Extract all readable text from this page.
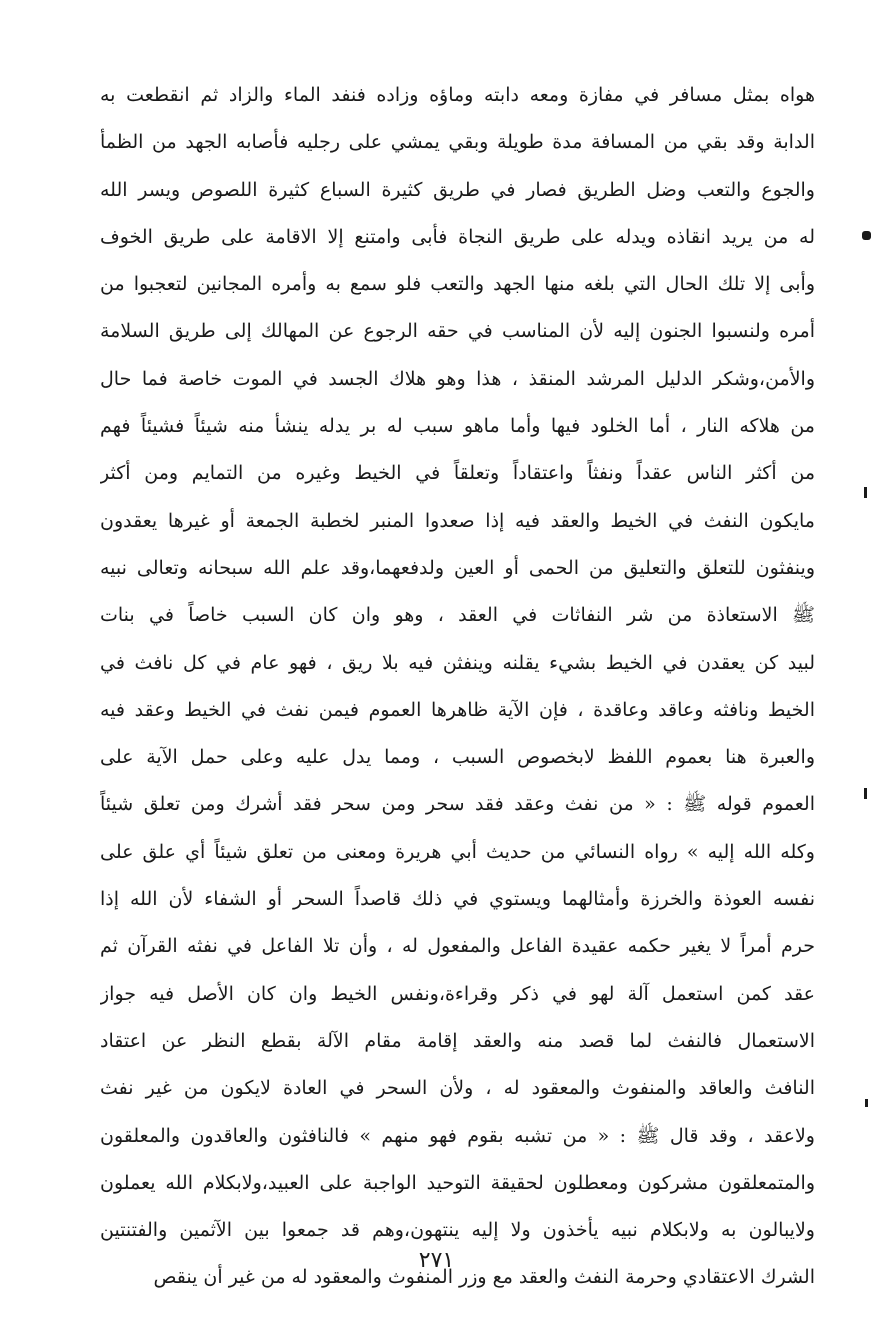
هواه بمثل مسافر في مفازة ومعه دابته وماؤه وزاده فنفد الماء والزاد ثم انقطعت به
الدابة وقد بقي من المسافة مدة طويلة وبقي يمشي على رجليه فأصابه الجهد من الظمأ
والجوع والتعب وضل الطريق فصار في طريق كثيرة السباع كثيرة اللصوص ويسر الله
له من يريد انقاذه ويدله على طريق النجاة فأبى وامتنع إلا الاقامة على طريق الخوف
وأبى إلا تلك الحال التي بلغه منها الجهد والتعب فلو سمع به وأمره المجانين لتعجبوا من
أمره ولنسبوا الجنون إليه لأن المناسب في حقه الرجوع عن المهالك إلى طريق السلامة
والأمن،وشكر الدليل المرشد المنقذ ، هذا وهو هلاك الجسد في الموت خاصة فما حال
من هلاكه النار ، أما الخلود فيها وأما ماهو سبب له بر يدله ينشأ منه شيئاً فشيئاً فهم
من أكثر الناس عقداً ونفثاً واعتقاداً وتعلقاً في الخيط وغيره من التمايم ومن أكثر
مايكون النفث في الخيط والعقد فيه إذا صعدوا المنبر لخطبة الجمعة أو غيرها يعقدون
وينفثون للتعلق والتعليق من الحمى أو العين ولدفعهما،وقد علم الله سبحانه وتعالى نبيه
ﷺ الاستعاذة من شر النفاثات في العقد ، وهو وان كان السبب خاصاً في بنات
لبيد كن يعقدن في الخيط بشيء يقلنه وينفثن فيه بلا ريق ، فهو عام في كل نافث في
الخيط ونافثه وعاقد وعاقدة ، فإن الآية ظاهرها العموم فيمن نفث في الخيط وعقد فيه
والعبرة هنا بعموم اللفظ لابخصوص السبب ، ومما يدل عليه وعلى حمل الآية على
العموم قوله ﷺ : « من نفث وعقد فقد سحر ومن سحر فقد أشرك ومن تعلق شيئاً
وكله الله إليه » رواه النسائي من حديث أبي هريرة ومعنى من تعلق شيئاً أي علق على
نفسه العوذة والخرزة وأمثالهما ويستوي في ذلك قاصداً السحر أو الشفاء لأن الله إذا
حرم أمراً لا يغير حكمه عقيدة الفاعل والمفعول له ، وأن تلا الفاعل في نفثه القرآن ثم
عقد كمن استعمل آلة لهو في ذكر وقراءة،ونفس الخيط وان كان الأصل فيه جواز
الاستعمال فالنفث لما قصد منه والعقد إقامة مقام الآلة بقطع النظر عن اعتقاد
النافث والعاقد والمنفوث والمعقود له ، ولأن السحر في العادة لايكون من غير نفث
ولاعقد ، وقد قال ﷺ : « من تشبه بقوم فهو منهم » فالنافثون والعاقدون والمعلقون
والمتمعلقون مشركون ومعطلون لحقيقة التوحيد الواجبة على العبيد،ولابكلام الله يعملون
ولايبالون به ولابكلام نبيه يأخذون ولا إليه ينتهون،وهم قد جمعوا بين الآثمين والفتنتين
الشرك الاعتقادي وحرمة النفث والعقد مع وزر المنفوث والمعقود له من غير أن ينقص
٢٧١
